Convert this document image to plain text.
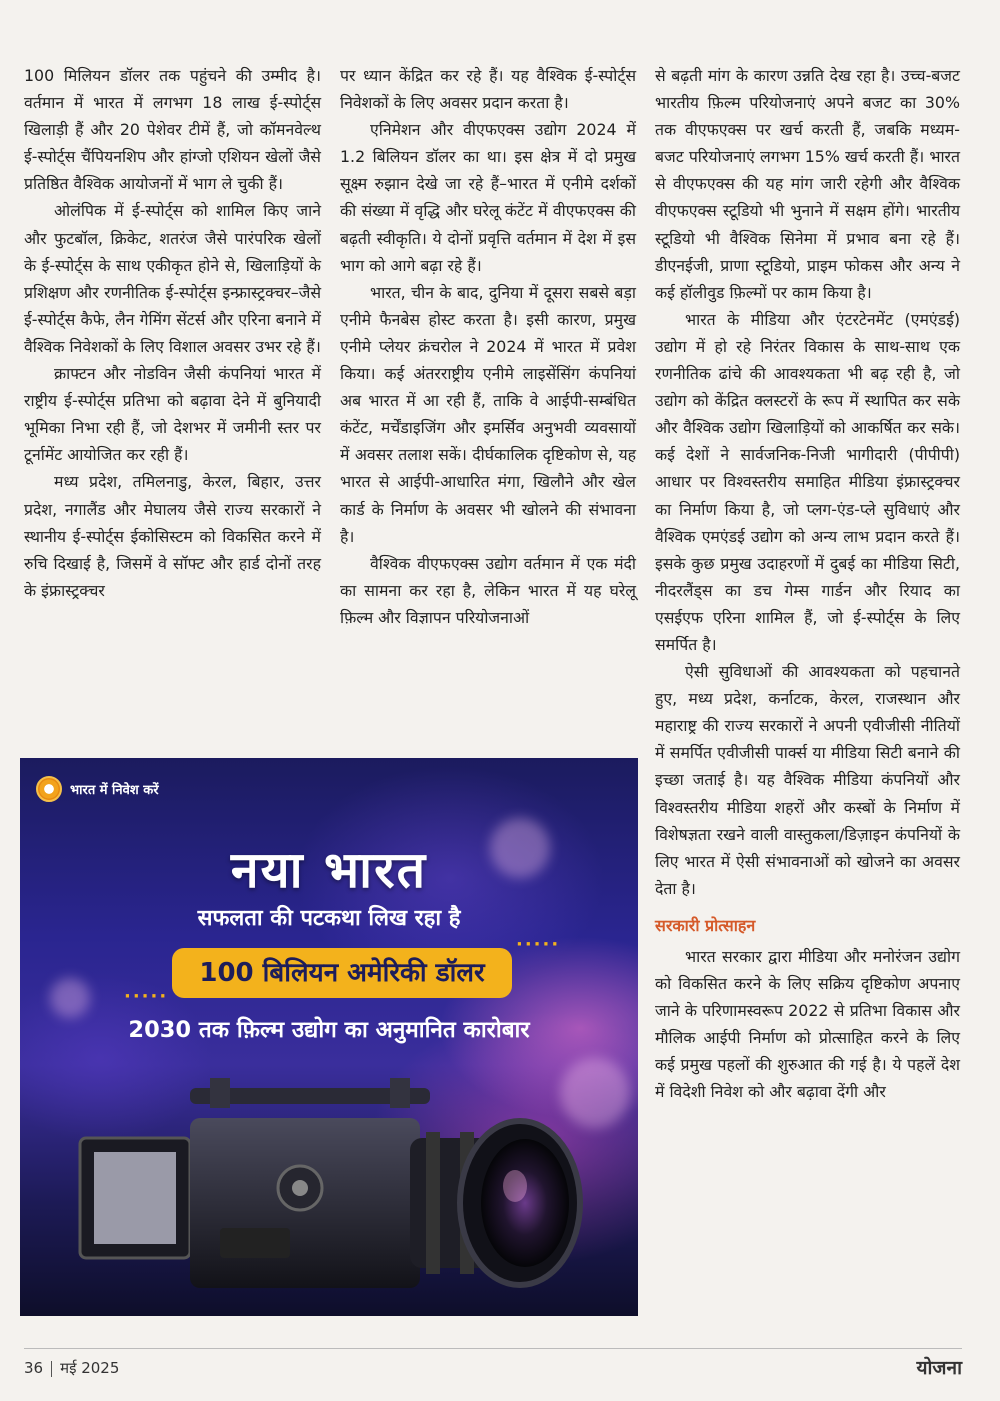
100 मिलियन डॉलर तक पहुंचने की उम्मीद है। वर्तमान में भारत में लगभग 18 लाख ई-स्पोर्ट्स खिलाड़ी हैं और 20 पेशेवर टीमें हैं, जो कॉमनवेल्थ ई-स्पोर्ट्स चैंपियनशिप और हांग्जो एशियन खेलों जैसे प्रतिष्ठित वैश्विक आयोजनों में भाग ले चुकी हैं।

ओलंपिक में ई-स्पोर्ट्स को शामिल किए जाने और फुटबॉल, क्रिकेट, शतरंज जैसे पारंपरिक खेलों के ई-स्पोर्ट्स के साथ एकीकृत होने से, खिलाड़ियों के प्रशिक्षण और रणनीतिक ई-स्पोर्ट्स इन्फ्रास्ट्रक्चर–जैसे ई-स्पोर्ट्स कैफे, लैन गेमिंग सेंटर्स और एरिना बनाने में वैश्विक निवेशकों के लिए विशाल अवसर उभर रहे हैं।

क्राफ्टन और नोडविन जैसी कंपनियां भारत में राष्ट्रीय ई-स्पोर्ट्स प्रतिभा को बढ़ावा देने में बुनियादी भूमिका निभा रही हैं, जो देशभर में जमीनी स्तर पर टूर्नामेंट आयोजित कर रही हैं।

मध्य प्रदेश, तमिलनाडु, केरल, बिहार, उत्तर प्रदेश, नगालैंड और मेघालय जैसे राज्य सरकारों ने स्थानीय ई-स्पोर्ट्स ईकोसिस्टम को विकसित करने में रुचि दिखाई है, जिसमें वे सॉफ्ट और हार्ड दोनों तरह के इंफ्रास्ट्रक्चर

पर ध्यान केंद्रित कर रहे हैं। यह वैश्विक ई-स्पोर्ट्स निवेशकों के लिए अवसर प्रदान करता है।

एनिमेशन और वीएफएक्स उद्योग 2024 में 1.2 बिलियन डॉलर का था। इस क्षेत्र में दो प्रमुख सूक्ष्म रुझान देखे जा रहे हैं–भारत में एनीमे दर्शकों की संख्या में वृद्धि और घरेलू कंटेंट में वीएफएक्स की बढ़ती स्वीकृति। ये दोनों प्रवृत्ति वर्तमान में देश में इस भाग को आगे बढ़ा रहे हैं।

भारत, चीन के बाद, दुनिया में दूसरा सबसे बड़ा एनीमे फैनबेस होस्ट करता है। इसी कारण, प्रमुख एनीमे प्लेयर क्रंचरोल ने 2024 में भारत में प्रवेश किया। कई अंतरराष्ट्रीय एनीमे लाइसेंसिंग कंपनियां अब भारत में आ रही हैं, ताकि वे आईपी-सम्बंधित कंटेंट, मर्चेंडाइजिंग और इमर्सिव अनुभवी व्यवसायों में अवसर तलाश सकें। दीर्घकालिक दृष्टिकोण से, यह भारत से आईपी-आधारित मंगा, खिलौने और खेल कार्ड के निर्माण के अवसर भी खोलने की संभावना है।

वैश्विक वीएफएक्स उद्योग वर्तमान में एक मंदी का सामना कर रहा है, लेकिन भारत में यह घरेलू फ़िल्म और विज्ञापन परियोजनाओं

से बढ़ती मांग के कारण उन्नति देख रहा है। उच्च-बजट भारतीय फ़िल्म परियोजनाएं अपने बजट का 30% तक वीएफएक्स पर खर्च करती हैं, जबकि मध्यम-बजट परियोजनाएं लगभग 15% खर्च करती हैं। भारत से वीएफएक्स की यह मांग जारी रहेगी और वैश्विक वीएफएक्स स्टूडियो भी भुनाने में सक्षम होंगे। भारतीय स्टूडियो भी वैश्विक सिनेमा में प्रभाव बना रहे हैं। डीएनईजी, प्राणा स्टूडियो, प्राइम फोकस और अन्य ने कई हॉलीवुड फ़िल्मों पर काम किया है।

भारत के मीडिया और एंटरटेनमेंट (एमएंडई) उद्योग में हो रहे निरंतर विकास के साथ-साथ एक रणनीतिक ढांचे की आवश्यकता भी बढ़ रही है, जो उद्योग को केंद्रित क्लस्टरों के रूप में स्थापित कर सके और वैश्विक उद्योग खिलाड़ियों को आकर्षित कर सके। कई देशों ने सार्वजनिक-निजी भागीदारी (पीपीपी) आधार पर विश्वस्तरीय समाहित मीडिया इंफ्रास्ट्रक्चर का निर्माण किया है, जो प्लग-एंड-प्ले सुविधाएं और वैश्विक एमएंडई उद्योग को अन्य लाभ प्रदान करते हैं। इसके कुछ प्रमुख उदाहरणों में दुबई का मीडिया सिटी, नीदरलैंड्स का डच गेम्स गार्डन और रियाद का एसईएफ एरिना शामिल हैं, जो ई-स्पोर्ट्स के लिए समर्पित है।

ऐसी सुविधाओं की आवश्यकता को पहचानते हुए, मध्य प्रदेश, कर्नाटक, केरल, राजस्थान और महाराष्ट्र की राज्य सरकारों ने अपनी एवीजीसी नीतियों में समर्पित एवीजीसी पार्क्स या मीडिया सिटी बनाने की इच्छा जताई है। यह वैश्विक मीडिया कंपनियों और विश्वस्तरीय मीडिया शहरों और कस्बों के निर्माण में विशेषज्ञता रखने वाली वास्तुकला/डिज़ाइन कंपनियों के लिए भारत में ऐसी संभावनाओं को खोजने का अवसर देता है।

सरकारी प्रोत्साहन

भारत सरकार द्वारा मीडिया और मनोरंजन उद्योग को विकसित करने के लिए सक्रिय दृष्टिकोण अपनाए जाने के परिणामस्वरूप 2022 से प्रतिभा विकास और मौलिक आईपी निर्माण को प्रोत्साहित करने के लिए कई प्रमुख पहलों की शुरुआत की गई है। ये पहलें देश में विदेशी निवेश को और बढ़ावा देंगी और

भारत में निवेश करें
नया भारत
सफलता की पटकथा लिख रहा है
·····
100 बिलियन अमेरिकी डॉलर
·····
2030 तक फ़िल्म उद्योग का अनुमानित कारोबार
36 मई 2025	योजना
